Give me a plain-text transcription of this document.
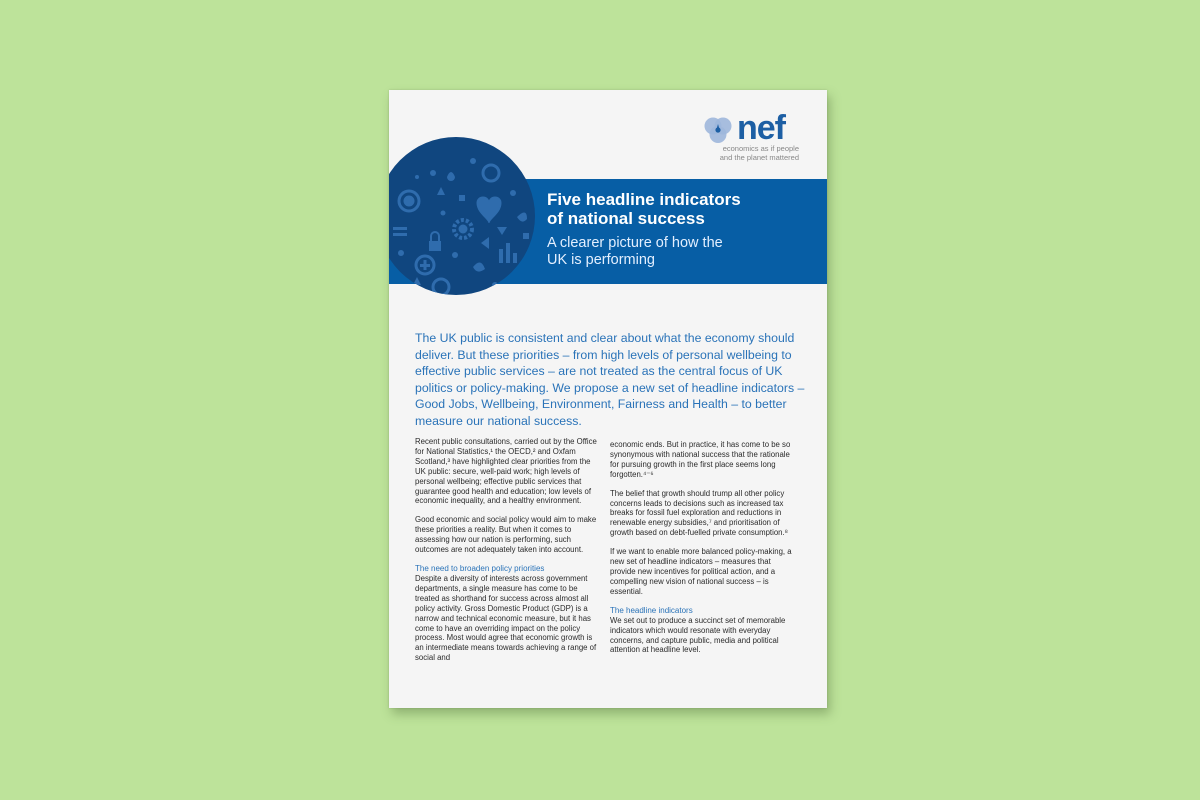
nef
economics as if people
and the planet mattered
Five headline indicators
of national success
A clearer picture of how the
UK is performing
The UK public is consistent and clear about what the economy should deliver. But these priorities – from high levels of personal wellbeing to effective public services – are not treated as the central focus of UK politics or policy-making. We propose a new set of headline indicators – Good Jobs, Wellbeing, Environment, Fairness and Health – to better measure our national success.

Recent public consultations, carried out by the Office for National Statistics,¹ the OECD,² and Oxfam Scotland,³ have highlighted clear priorities from the UK public: secure, well-paid work; high levels of personal wellbeing; effective public services that guarantee good health and education; low levels of economic inequality, and a healthy environment.

Good economic and social policy would aim to make these priorities a reality. But when it comes to assessing how our nation is performing, such outcomes are not adequately taken into account.

The need to broaden policy priorities

Despite a diversity of interests across government departments, a single measure has come to be treated as shorthand for success across almost all policy activity. Gross Domestic Product (GDP) is a narrow and technical economic measure, but it has come to have an overriding impact on the policy process. Most would agree that economic growth is an intermediate means towards achieving a range of social and

economic ends. But in practice, it has come to be so synonymous with national success that the rationale for pursuing growth in the first place seems long forgotten.⁴⁻⁶

The belief that growth should trump all other policy concerns leads to decisions such as increased tax breaks for fossil fuel exploration and reductions in renewable energy subsidies,⁷ and prioritisation of growth based on debt-fuelled private consumption.⁸

If we want to enable more balanced policy-making, a new set of headline indicators – measures that provide new incentives for political action, and a compelling new vision of national success – is essential.

The headline indicators

We set out to produce a succinct set of memorable indicators which would resonate with everyday concerns, and capture public, media and political attention at headline level.
